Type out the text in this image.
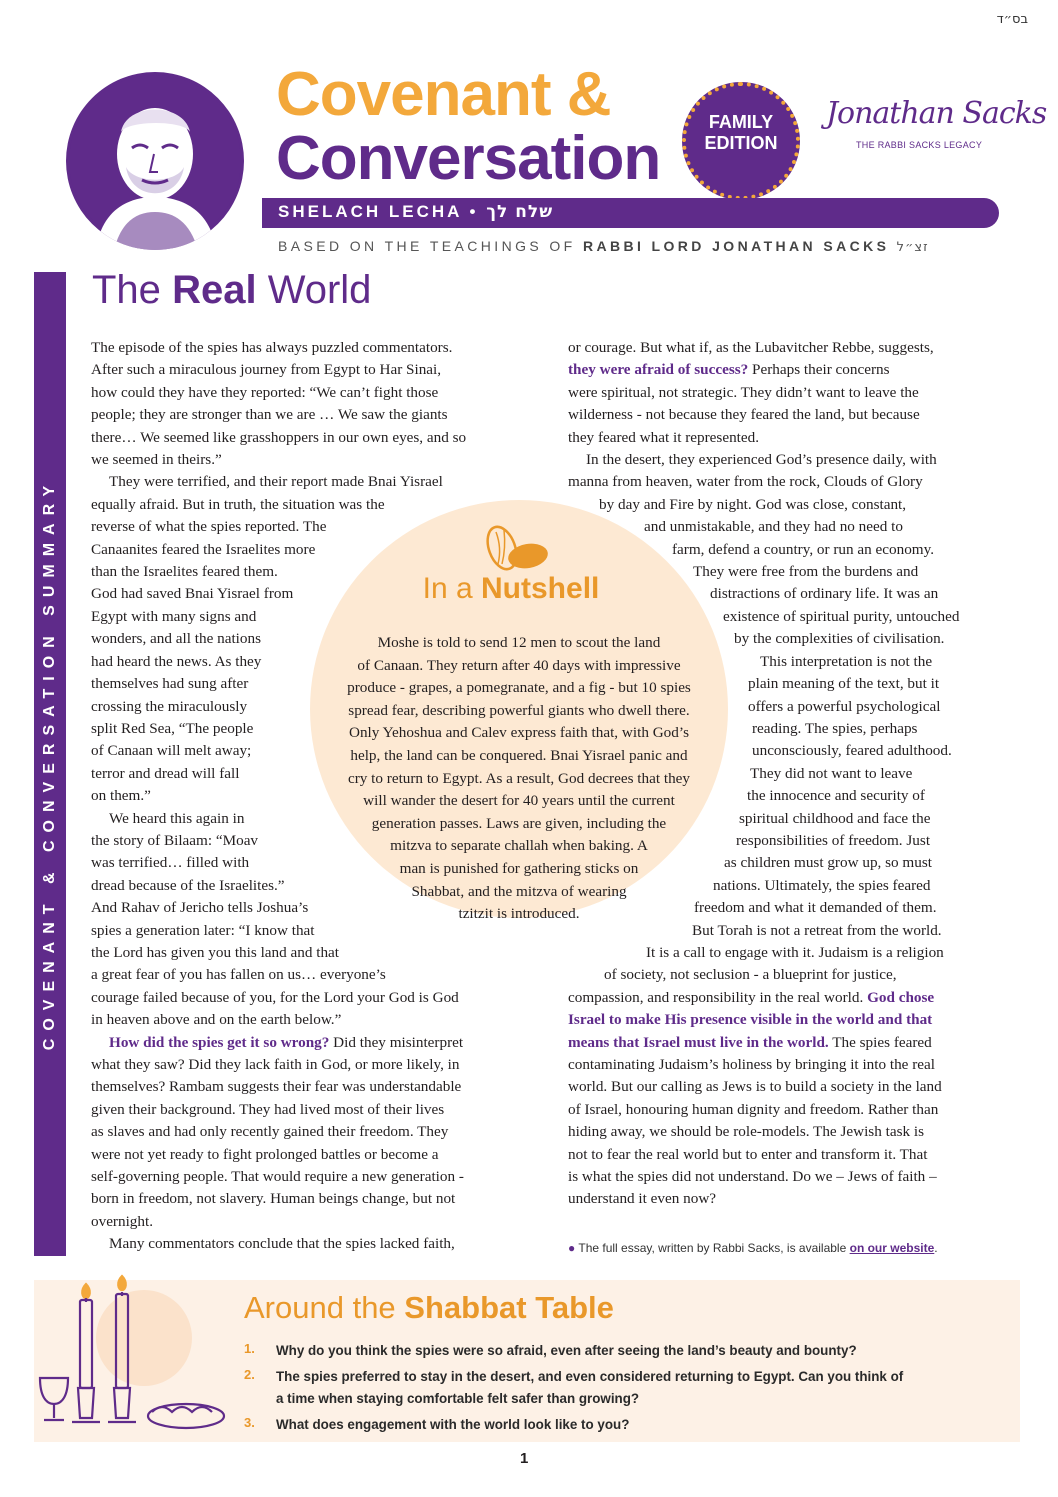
בס״ד
Covenant &
Conversation
FAMILY
EDITION
Jonathan Sacks
THE RABBI SACKS LEGACY
SHELACH LECHA • שלח לך
BASED ON THE TEACHINGS OF RABBI LORD JONATHAN SACKS זצ״ל
COVENANT & CONVERSATION SUMMARY
The Real World
In a Nutshell
Moshe is told to send 12 men to scout the land
of Canaan. They return after 40 days with impressive
produce - grapes, a pomegranate, and a fig - but 10 spies
spread fear, describing powerful giants who dwell there.
Only Yehoshua and Calev express faith that, with God’s
help, the land can be conquered. Bnai Yisrael panic and
cry to return to Egypt. As a result, God decrees that they
will wander the desert for 40 years until the current
generation passes. Laws are given, including the
mitzva to separate challah when baking. A
man is punished for gathering sticks on
Shabbat, and the mitzva of wearing
tzitzit is introduced.
The episode of the spies has always puzzled commentators.
After such a miraculous journey from Egypt to Har Sinai,
how could they have they reported: “We can’t fight those
people; they are stronger than we are … We saw the giants
there… We seemed like grasshoppers in our own eyes, and so
we seemed in theirs.”
They were terrified, and their report made Bnai Yisrael
equally afraid. But in truth, the situation was the
reverse of what the spies reported. The
Canaanites feared the Israelites more
than the Israelites feared them.
God had saved Bnai Yisrael from
Egypt with many signs and
wonders, and all the nations
had heard the news. As they
themselves had sung after
crossing the miraculously
split Red Sea, “The people
of Canaan will melt away;
terror and dread will fall
on them.”
We heard this again in
the story of Bilaam: “Moav
was terrified… filled with
dread because of the Israelites.”
And Rahav of Jericho tells Joshua’s
spies a generation later: “I know that
the Lord has given you this land and that
a great fear of you has fallen on us… everyone’s
courage failed because of you, for the Lord your God is God
in heaven above and on the earth below.”
How did the spies get it so wrong? Did they misinterpret
what they saw? Did they lack faith in God, or more likely, in
themselves? Rambam suggests their fear was understandable
given their background. They had lived most of their lives
as slaves and had only recently gained their freedom. They
were not yet ready to fight prolonged battles or become a
self-governing people. That would require a new generation -
born in freedom, not slavery. Human beings change, but not
overnight.
Many commentators conclude that the spies lacked faith,
or courage. But what if, as the Lubavitcher Rebbe, suggests,
they were afraid of success? Perhaps their concerns
were spiritual, not strategic. They didn’t want to leave the
wilderness - not because they feared the land, but because
they feared what it represented.
In the desert, they experienced God’s presence daily, with
manna from heaven, water from the rock, Clouds of Glory
by day and Fire by night. God was close, constant,
and unmistakable, and they had no need to
farm, defend a country, or run an economy.
They were free from the burdens and
distractions of ordinary life. It was an
existence of spiritual purity, untouched
by the complexities of civilisation.
This interpretation is not the
plain meaning of the text, but it
offers a powerful psychological
reading. The spies, perhaps
unconsciously, feared adulthood.
They did not want to leave
the innocence and security of
spiritual childhood and face the
responsibilities of freedom. Just
as children must grow up, so must
nations. Ultimately, the spies feared
freedom and what it demanded of them.
But Torah is not a retreat from the world.
It is a call to engage with it. Judaism is a religion
of society, not seclusion - a blueprint for justice,
compassion, and responsibility in the real world. God chose
Israel to make His presence visible in the world and that
means that Israel must live in the world. The spies feared
contaminating Judaism’s holiness by bringing it into the real
world. But our calling as Jews is to build a society in the land
of Israel, honouring human dignity and freedom. Rather than
hiding away, we should be role-models. The Jewish task is
not to fear the real world but to enter and transform it. That
is what the spies did not understand. Do we – Jews of faith –
understand it even now?
● The full essay, written by Rabbi Sacks, is available on our website.
Around the Shabbat Table
1. Why do you think the spies were so afraid, even after seeing the land’s beauty and bounty?
2. The spies preferred to stay in the desert, and even considered returning to Egypt. Can you think of
a time when staying comfortable felt safer than growing?
3. What does engagement with the world look like to you?
1
